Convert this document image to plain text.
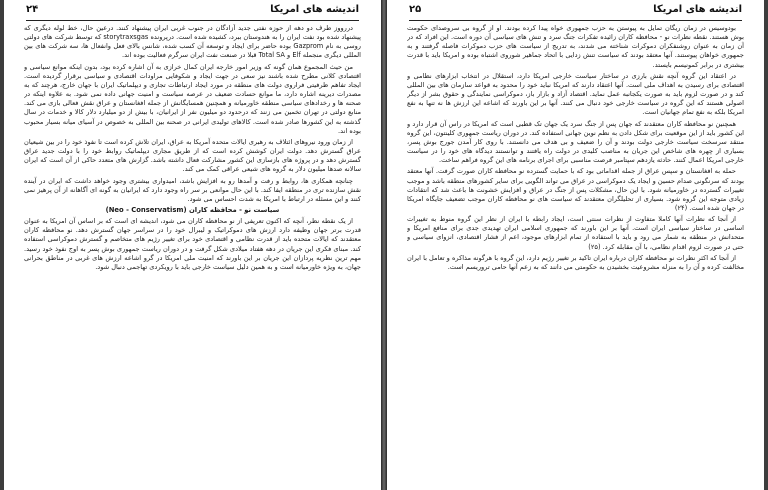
اندیشه های امریکا
۲۴

دررووز طرف دو دهه از حوزه نفتی جدید آزادگان در جنوب غربی ایران پیشنهاد کنند. درعین حال، خط لوله دیگری که پیشنهاد شده بود نفت ایران را به هندوستان ببرد، کشیده شده است. درپرونده storytraxsgas که توسط شرکت های دولتی روسی به نام Gazprom بوده حاضر برای ایجاد و توسعه آن کسب شده، شانس بالای فعل وانفعال ها، سه شرکت های بین المللی دیگری منجمله Elf و Total SA قبلا در صنعت نفت ایران سرگرم فعالیت بوده اند.

من حیث المجموع همان گونه که وزیر امور خارجه ایران کمال خرازی به آن اشاره کرده بود، بدون اینکه موانع سیاسی و اقتصادی کلانی مطرح شده باشند نیز سعی در جهت ایجاد و شکوفایی مراودات اقتصادی و سیاسی برقرار گردیده است. ایجاد تفاهم ظرفیتی فراروی دولت های منطقه در مورد ایجاد ارتباطات تجاری و دیپلماتیک ایران با جهان خارج، هرچند که به مصدرات دیرینه اشاره دارد، ما موانع حسادت ضعیف در عرصه سیاست و امنیت جهانی داده نمی شود. به علاوه اینکه در صحنه ها و رخدادهای سیاسی منطقه خاورمیانه و همچنین همسایگانش از جمله افغانستان و عراق نقش فعالی بازی می کند. منابع دولتی در تهران تخمین می زنند که درحدود دو میلیون نفر از ایرانیان، با بیش از دو میلیارد دلار کالا و خدمات در سال گذشته به این کشورها صادر شده است. کالاهای تولیدی ایرانی در صحنه بین المللی به خصوص در آسیای میانه بسیار محبوب بوده اند.

از زمان ورود نیروهای ائتلاف به رهبری ایالات متحده آمریکا به عراق، ایران تلاش کرده است تا نفوذ خود را در بین شیعیان عراق گسترش دهد. دولت ایران کوشش کرده است که از طریق مجاری دیپلماتیک روابط خود را با دولت جدید عراق گسترش دهد و در پروژه های بازسازی این کشور مشارکت فعال داشته باشد. گزارش های متعدد حاکی از آن است که ایران سالانه صدها میلیون دلار به گروه های شیعی عراقی کمک می کند.

چنانچه همکاری ها، روابط و رفت و آمدها رو به افزایش باشد، امیدواری بیشتری وجود خواهد داشت که ایران در آینده نقش سازنده تری در منطقه ایفا کند. با این حال موانعی بر سر راه وجود دارد که ایرانیان به گونه ای آگاهانه از آن پرهیز نمی کنند و این مسئله در ارتباط با امریکا به شدت احساس می شود.

سیاست نو - محافظه کاران (Neo - Conservatism)

از یک نقطه نظر، آنچه که اکنون تعریفی از نو محافظه کاران می شود، اندیشه ای است که بر اساس آن امریکا به عنوان قدرت برتر جهان وظیفه دارد ارزش های دموکراتیک و لیبرال خود را در سراسر جهان گسترش دهد. نو محافظه کاران معتقدند که ایالات متحده باید از قدرت نظامی و اقتصادی خود برای تغییر رژیم های متخاصم و گسترش دموکراسی استفاده کند. مبنای فکری این جریان در دهه هفتاد میلادی شکل گرفت و در دوران ریاست جمهوری بوش پسر به اوج نفوذ خود رسید. مهم ترین نظریه پردازان این جریان بر این باورند که امنیت ملی امریکا در گرو اشاعه ارزش های غربی در مناطق بحرانی جهان، به ویژه خاورمیانه است و به همین دلیل سیاست خارجی باید با رویکردی تهاجمی دنبال شود.

اندیشه های امریکا
۲۵

بودوسیس در زمان ریگان تمایل به پیوستن به حزب جمهوری خواه پیدا کرده بودند. او از گروه بی سروصدای حکومت بوش هستند. نقطه نظرات نو - محافظه کاران زائیده تفکرات جنگ سرد و تنش های سیاسی آن دوره است. این افراد که در آن زمان به عنوان روشنفکران دموکرات شناخته می شدند، به تدریج از سیاست های حزب دموکرات فاصله گرفتند و به جمهوری خواهان پیوستند. آنها معتقد بودند که سیاست تنش زدایی با اتحاد جماهیر شوروی اشتباه بوده و امریکا باید با قدرت بیشتری در برابر کمونیسم بایستد.

در اعتقاد این گروه آنچه نقش بارزی در ساختار سیاست خارجی امریکا دارد، استقلال در انتخاب ابزارهای نظامی و اقتصادی برای رسیدن به اهداف ملی است. آنها اعتقاد دارند که امریکا نباید خود را محدود به قواعد سازمان های بین المللی کند و در صورت لزوم باید به صورت یکجانبه عمل نماید. اقتصاد آزاد و بازار باز، دموکراسی نمایندگی و حقوق بشر از دیگر اصولی هستند که این گروه در سیاست خارجی خود دنبال می کنند. آنها بر این باورند که اشاعه این ارزش ها نه تنها به نفع امریکا بلکه به نفع تمام جهانیان است.

همچنین نو محافظه کاران معتقدند که جهان پس از جنگ سرد یک جهان تک قطبی است که امریکا در راس آن قرار دارد و این کشور باید از این موقعیت برای شکل دادن به نظم نوین جهانی استفاده کند. در دوران ریاست جمهوری کلینتون، این گروه منتقد سرسخت سیاست خارجی دولت بودند و آن را ضعیف و بی هدف می دانستند. با روی کار آمدن جورج بوش پسر، بسیاری از چهره های شاخص این جریان به مناصب کلیدی در دولت راه یافتند و توانستند دیدگاه های خود را در سیاست خارجی امریکا اعمال کنند. حادثه یازدهم سپتامبر فرصت مناسبی برای اجرای برنامه های این گروه فراهم ساخت.

حمله به افغانستان و سپس عراق از جمله اقداماتی بود که با حمایت گسترده نو محافظه کاران صورت گرفت. آنها معتقد بودند که سرنگونی صدام حسین و ایجاد یک دموکراسی در عراق می تواند الگویی برای سایر کشورهای منطقه باشد و موجب تغییرات گسترده در خاورمیانه شود. با این حال، مشکلات پس از جنگ در عراق و افزایش خشونت ها باعث شد که انتقادات زیادی متوجه این گروه شود. بسیاری از تحلیلگران معتقدند که سیاست های نو محافظه کاران موجب تضعیف جایگاه امریکا در جهان شده است. (۲۴)

از آنجا که نظرات آنها کاملا متفاوت از نظرات سنتی است، ایجاد رابطه با ایران از نظر این گروه منوط به تغییرات اساسی در ساختار سیاسی ایران است. آنها بر این باورند که جمهوری اسلامی ایران تهدیدی جدی برای منافع امریکا و متحدانش در منطقه به شمار می رود و باید با استفاده از تمام ابزارهای موجود، اعم از فشار اقتصادی، انزوای سیاسی و حتی در صورت لزوم اقدام نظامی، با آن مقابله کرد. (۲۵)

از آنجا که اکثر نظرات نو محافظه کاران درباره ایران تاکید بر تغییر رژیم دارد، این گروه با هرگونه مذاکره و تعامل با ایران مخالفت کرده و آن را به منزله مشروعیت بخشیدن به حکومتی می دانند که به زعم آنها حامی تروریسم است.
